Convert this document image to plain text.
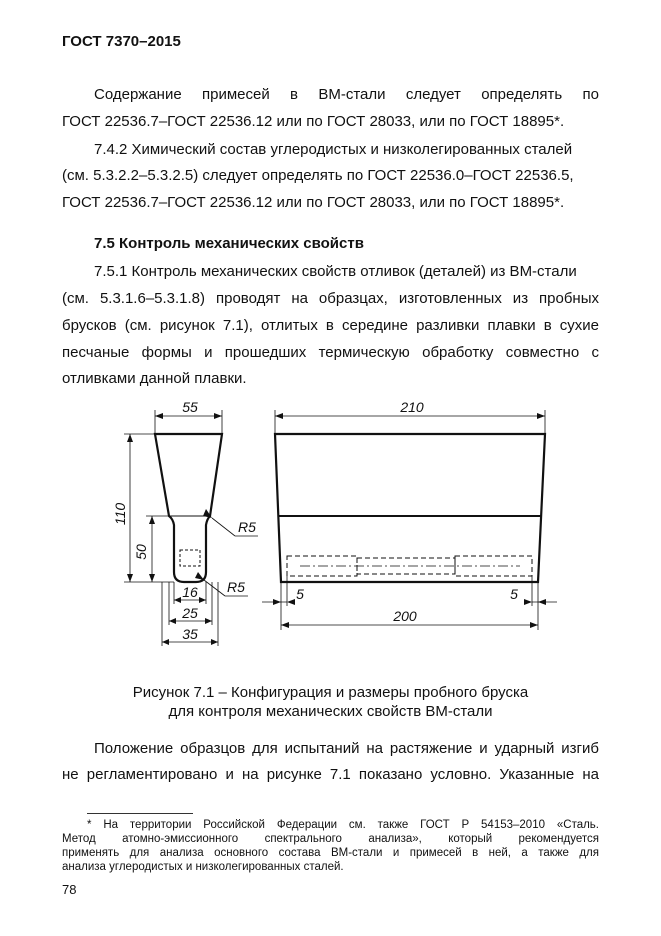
ГОСТ 7370–2015
Содержание примесей в ВМ-стали следует определять по
ГОСТ 22536.7–ГОСТ 22536.12 или по ГОСТ 28033, или по ГОСТ 18895*.
7.4.2 Химический состав углеродистых и низколегированных сталей
(см. 5.3.2.2–5.3.2.5) следует определять по ГОСТ 22536.0–ГОСТ 22536.5,
ГОСТ 22536.7–ГОСТ 22536.12 или по ГОСТ 28033, или по ГОСТ 18895*.
7.5 Контроль механических свойств
7.5.1 Контроль механических свойств отливок (деталей) из ВМ-стали
(см. 5.3.1.6–5.3.1.8) проводят на образцах, изготовленных из пробных
брусков (см. рисунок 7.1), отлитых в середине разливки плавки в сухие
песчаные формы и прошедших термическую обработку совместно с
отливками данной плавки.
55
110
50
R5
R5
16
25
35
210
200
5	5
Рисунок 7.1 – Конфигурация и размеры пробного бруска
для контроля механических свойств ВМ-стали
Положение образцов для испытаний на растяжение и ударный изгиб
не регламентировано и на рисунке 7.1 показано условно. Указанные на
* На территории Российской Федерации см. также ГОСТ Р 54153–2010 «Сталь.
Метод атомно-эмиссионного спектрального анализа», который рекомендуется
применять для анализа основного состава ВМ-стали и примесей в ней, а также для
анализа углеродистых и низколегированных сталей.
78
